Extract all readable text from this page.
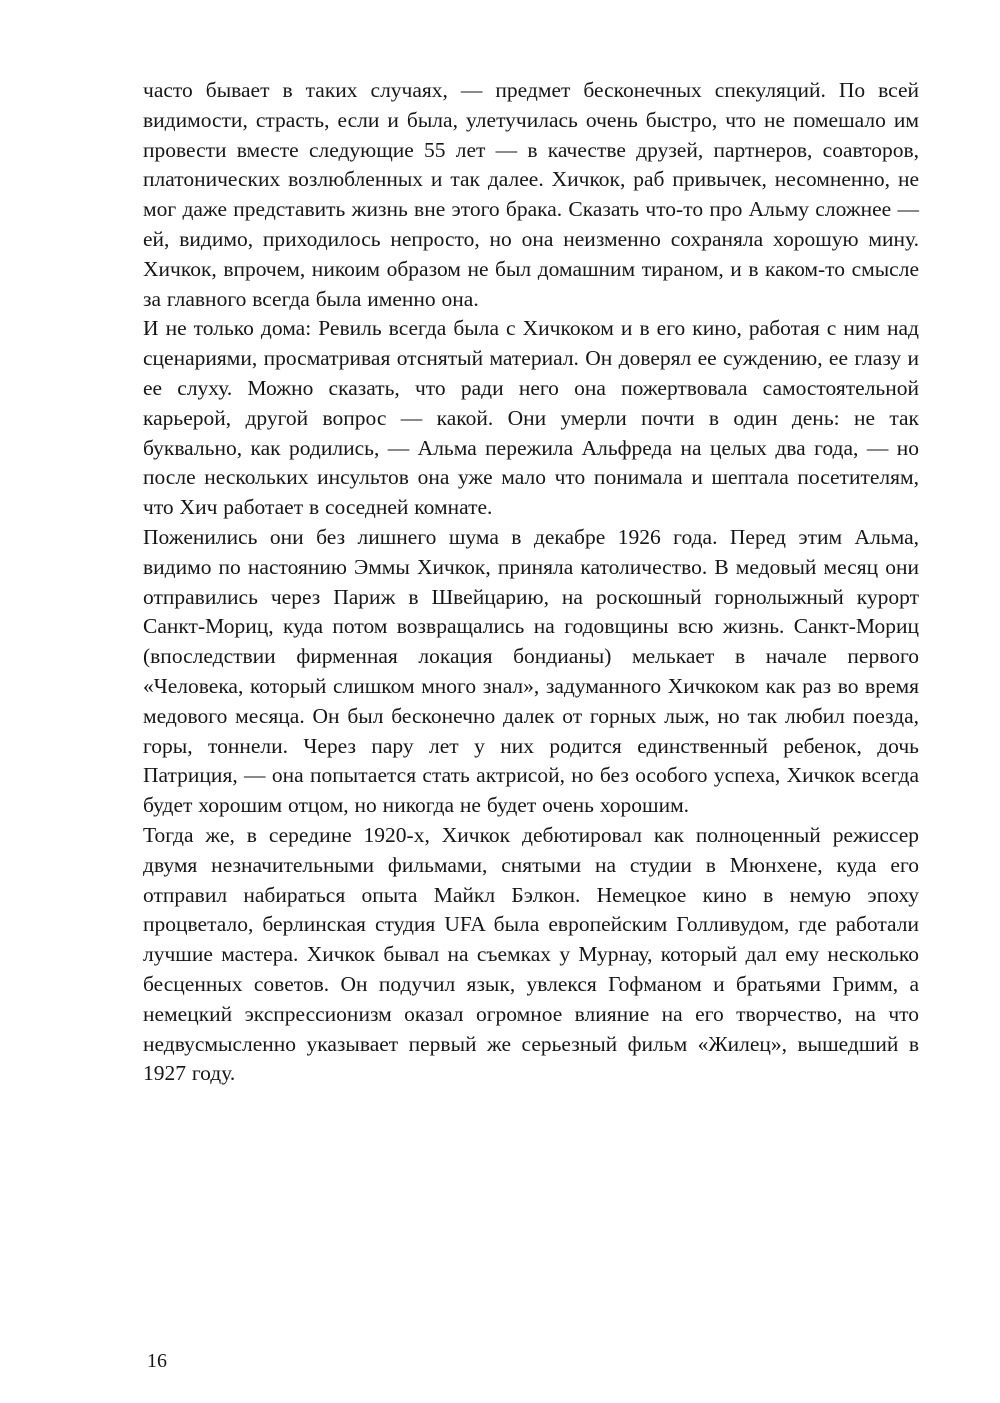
часто бывает в таких случаях, — предмет бесконечных спекуляций. По всей видимости, страсть, если и была, улетучилась очень быстро, что не помешало им провести вместе следующие 55 лет — в качестве друзей, партнеров, соавторов, платонических возлюбленных и так далее. Хичкок, раб привычек, несомненно, не мог даже представить жизнь вне этого брака. Сказать что-то про Альму сложнее — ей, видимо, приходилось непросто, но она неизменно сохраняла хорошую мину. Хичкок, впрочем, никоим образом не был домашним тираном, и в каком-то смысле за главного всегда была именно она.

И не только дома: Ревиль всегда была с Хичкоком и в его кино, работая с ним над сценариями, просматривая отснятый материал. Он доверял ее суждению, ее глазу и ее слуху. Можно сказать, что ради него она пожертвовала самостоятельной карьерой, другой вопрос — какой. Они умерли почти в один день: не так буквально, как родились, — Альма пережила Альфреда на целых два года, — но после нескольких инсультов она уже мало что понимала и шептала посетителям, что Хич работает в соседней комнате.

Поженились они без лишнего шума в декабре 1926 года. Перед этим Альма, видимо по настоянию Эммы Хичкок, приняла католичество. В медовый месяц они отправились через Париж в Швейцарию, на роскошный горнолыжный курорт Санкт-Мориц, куда потом возвращались на годовщины всю жизнь. Санкт-Мориц (впоследствии фирменная локация бондианы) мелькает в начале первого «Человека, который слишком много знал», задуманного Хичкоком как раз во время медового месяца. Он был бесконечно далек от горных лыж, но так любил поезда, горы, тоннели. Через пару лет у них родится единственный ребенок, дочь Патриция, — она попытается стать актрисой, но без особого успеха, Хичкок всегда будет хорошим отцом, но никогда не будет очень хорошим.

Тогда же, в середине 1920-х, Хичкок дебютировал как полноценный режиссер двумя незначительными фильмами, снятыми на студии в Мюнхене, куда его отправил набираться опыта Майкл Бэлкон. Немецкое кино в немую эпоху процветало, берлинская студия UFA была европейским Голливудом, где работали лучшие мастера. Хичкок бывал на съемках у Мурнау, который дал ему несколько бесценных советов. Он подучил язык, увлекся Гофманом и братьями Гримм, а немецкий экспрессионизм оказал огромное влияние на его творчество, на что недвусмысленно указывает первый же серьезный фильм «Жилец», вышедший в 1927 году.

16
